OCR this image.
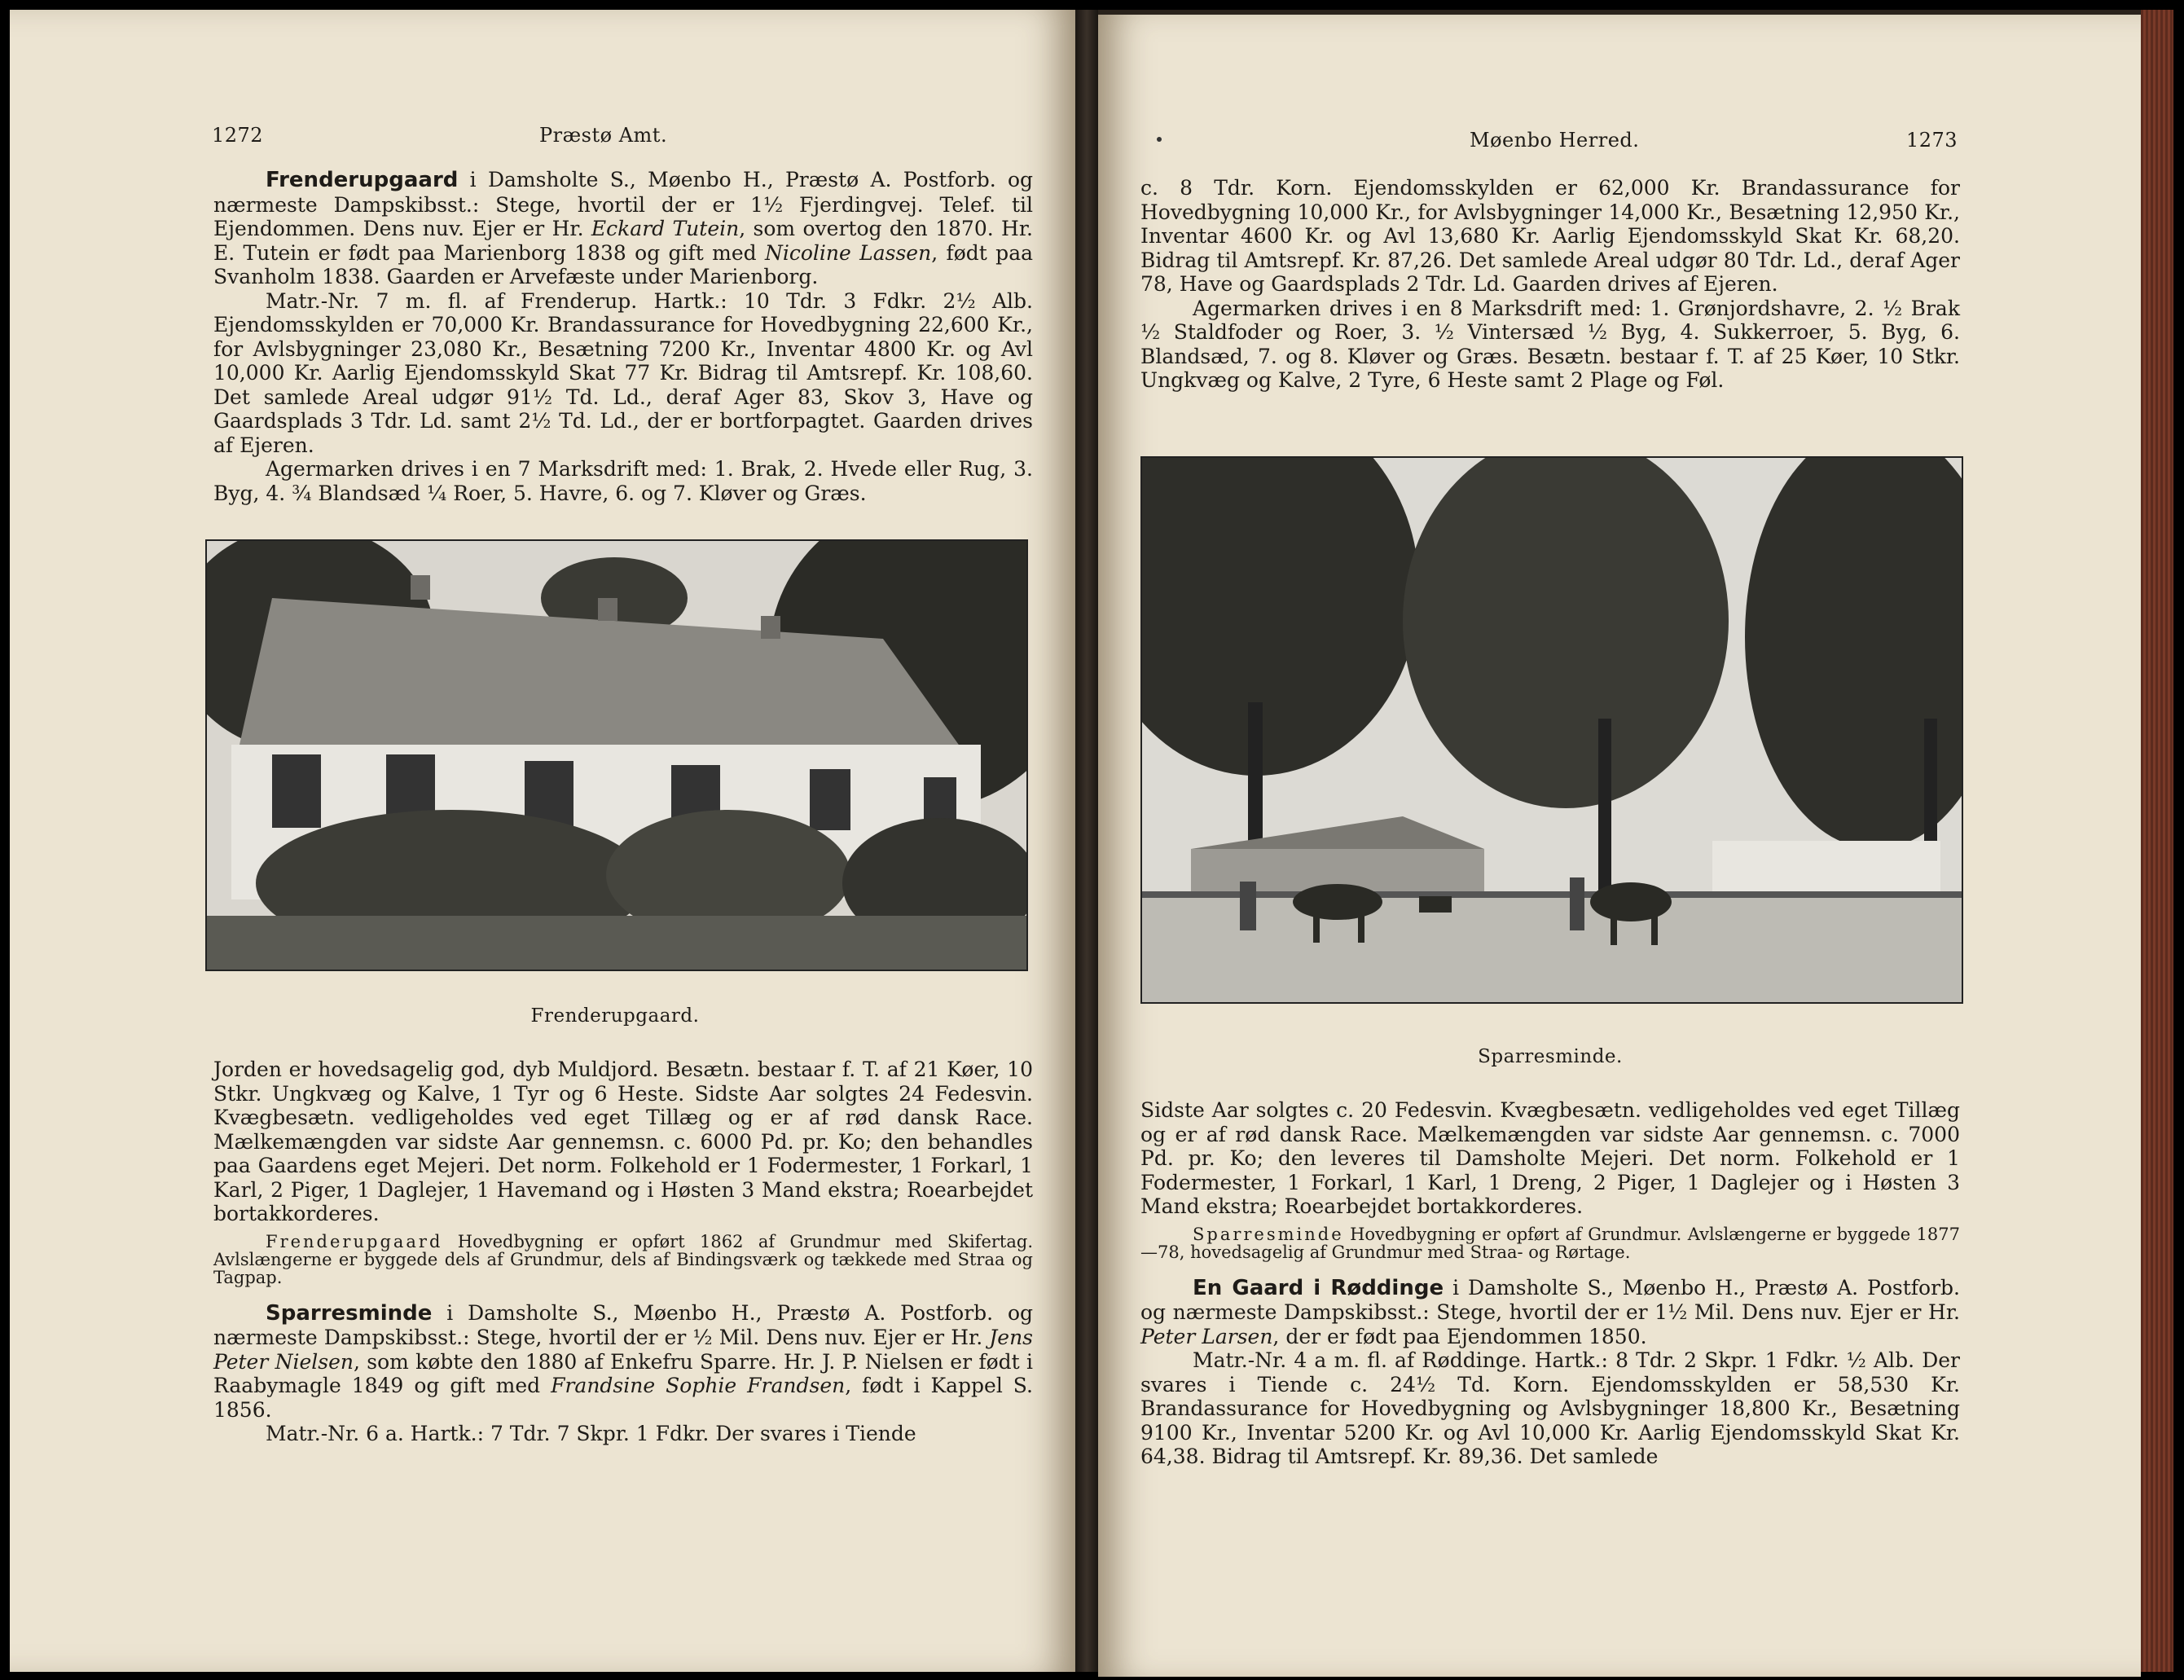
1272	Præstø Amt.

Frenderupgaard i Damsholte S., Møenbo H., Præstø A. Postforb. og nærmeste Dampskibsst.: Stege, hvortil der er 1½ Fjerdingvej. Telef. til Ejendommen. Dens nuv. Ejer er Hr. Eckard Tutein, som overtog den 1870. Hr. E. Tutein er født paa Marienborg 1838 og gift med Nicoline Lassen, født paa Svanholm 1838. Gaarden er Arvefæste under Marienborg.

Matr.-Nr. 7 m. fl. af Frenderup. Hartk.: 10 Tdr. 3 Fdkr. 2½ Alb. Ejendomsskylden er 70,000 Kr. Brandassurance for Hovedbygning 22,600 Kr., for Avlsbygninger 23,080 Kr., Besætning 7200 Kr., Inventar 4800 Kr. og Avl 10,000 Kr. Aarlig Ejendomsskyld Skat 77 Kr. Bidrag til Amtsrepf. Kr. 108,60. Det samlede Areal udgør 91½ Td. Ld., deraf Ager 83, Skov 3, Have og Gaardsplads 3 Tdr. Ld. samt 2½ Td. Ld., der er bortforpagtet. Gaarden drives af Ejeren.

Agermarken drives i en 7 Marksdrift med: 1. Brak, 2. Hvede eller Rug, 3. Byg, 4. ¾ Blandsæd ¼ Roer, 5. Havre, 6. og 7. Kløver og Græs.

Frenderupgaard.

Jorden er hovedsagelig god, dyb Muldjord. Besætn. bestaar f. T. af 21 Køer, 10 Stkr. Ungkvæg og Kalve, 1 Tyr og 6 Heste. Sidste Aar solgtes 24 Fedesvin. Kvægbesætn. vedligeholdes ved eget Tillæg og er af rød dansk Race. Mælkemængden var sidste Aar gennemsn. c. 6000 Pd. pr. Ko; den behandles paa Gaardens eget Mejeri. Det norm. Folkehold er 1 Fodermester, 1 Forkarl, 1 Karl, 2 Piger, 1 Daglejer, 1 Havemand og i Høsten 3 Mand ekstra; Roearbejdet bortakkorderes.

Frenderupgaard Hovedbygning er opført 1862 af Grundmur med Skifertag. Avlslængerne er byggede dels af Grundmur, dels af Bindingsværk og tækkede med Straa og Tagpap.

Sparresminde i Damsholte S., Møenbo H., Præstø A. Postforb. og nærmeste Dampskibsst.: Stege, hvortil der er ½ Mil. Dens nuv. Ejer er Hr. Jens Peter Nielsen, som købte den 1880 af Enkefru Sparre. Hr. J. P. Nielsen er født i Raabymagle 1849 og gift med Frandsine Sophie Frandsen, født i Kappel S. 1856.

Matr.-Nr. 6 a. Hartk.: 7 Tdr. 7 Skpr. 1 Fdkr. Der svares i Tiende

Møenbo Herred.	1273

c. 8 Tdr. Korn. Ejendomsskylden er 62,000 Kr. Brandassurance for Hovedbygning 10,000 Kr., for Avlsbygninger 14,000 Kr., Besætning 12,950 Kr., Inventar 4600 Kr. og Avl 13,680 Kr. Aarlig Ejendomsskyld Skat Kr. 68,20. Bidrag til Amtsrepf. Kr. 87,26. Det samlede Areal udgør 80 Tdr. Ld., deraf Ager 78, Have og Gaardsplads 2 Tdr. Ld. Gaarden drives af Ejeren.

Agermarken drives i en 8 Marksdrift med: 1. Grønjordshavre, 2. ½ Brak ½ Staldfoder og Roer, 3. ½ Vintersæd ½ Byg, 4. Sukkerroer, 5. Byg, 6. Blandsæd, 7. og 8. Kløver og Græs. Besætn. bestaar f. T. af 25 Køer, 10 Stkr. Ungkvæg og Kalve, 2 Tyre, 6 Heste samt 2 Plage og Føl.

Sparresminde.

Sidste Aar solgtes c. 20 Fedesvin. Kvægbesætn. vedligeholdes ved eget Tillæg og er af rød dansk Race. Mælkemængden var sidste Aar gennemsn. c. 7000 Pd. pr. Ko; den leveres til Damsholte Mejeri. Det norm. Folkehold er 1 Fodermester, 1 Forkarl, 1 Karl, 1 Dreng, 2 Piger, 1 Daglejer og i Høsten 3 Mand ekstra; Roearbejdet bortakkorderes.

Sparresminde Hovedbygning er opført af Grundmur. Avlslængerne er byggede 1877—78, hovedsagelig af Grundmur med Straa- og Rørtage.

En Gaard i Røddinge i Damsholte S., Møenbo H., Præstø A. Postforb. og nærmeste Dampskibsst.: Stege, hvortil der er 1½ Mil. Dens nuv. Ejer er Hr. Peter Larsen, der er født paa Ejendommen 1850.

Matr.-Nr. 4 a m. fl. af Røddinge. Hartk.: 8 Tdr. 2 Skpr. 1 Fdkr. ½ Alb. Der svares i Tiende c. 24½ Td. Korn. Ejendomsskylden er 58,530 Kr. Brandassurance for Hovedbygning og Avlsbygninger 18,800 Kr., Besætning 9100 Kr., Inventar 5200 Kr. og Avl 10,000 Kr. Aarlig Ejendomsskyld Skat Kr. 64,38. Bidrag til Amtsrepf. Kr. 89,36. Det samlede
